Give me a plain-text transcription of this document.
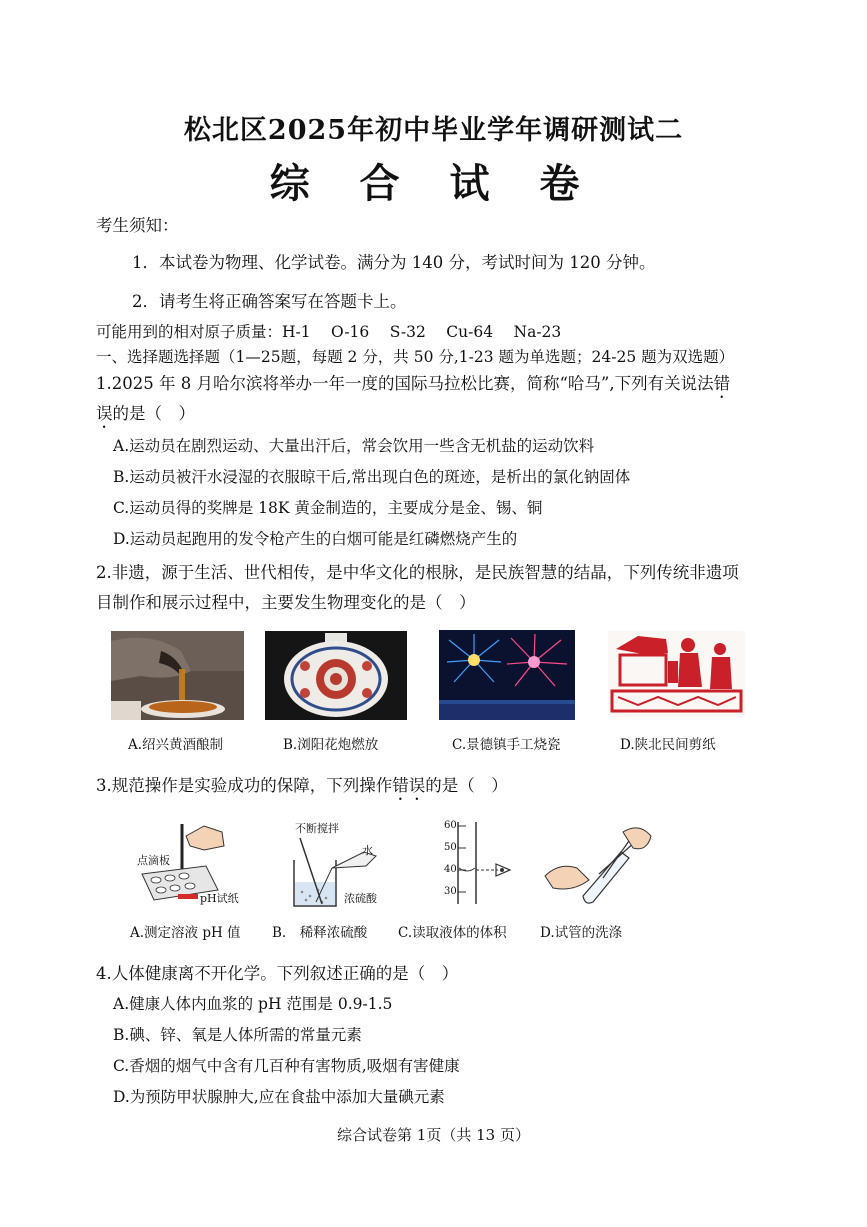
松北区2025年初中毕业学年调研测试二
综 合 试 卷
考生须知：
1．本试卷为物理、化学试卷。满分为 140 分，考试时间为 120 分钟。
2．请考生将正确答案写在答题卡上。
可能用到的相对原子质量：H-1　 O-16　 S-32　 Cu-64　 Na-23
一、选择题选择题（1—25题，每题 2 分，共 50 分,1-23 题为单选题；24-25 题为双选题）
1.2025 年 8 月哈尔滨将举办一年一度的国际马拉松比赛，简称“哈马”,下列有关说法错
误的是（　）
A.运动员在剧烈运动、大量出汗后，常会饮用一些含无机盐的运动饮料
B.运动员被汗水浸湿的衣服晾干后,常出现白色的斑迹，是析出的氯化钠固体
C.运动员得的奖牌是 18K 黄金制造的，主要成分是金、锡、铜
D.运动员起跑用的发令枪产生的白烟可能是红磷燃烧产生的
2.非遗，源于生活、世代相传，是中华文化的根脉，是民族智慧的结晶，下列传统非遗项
目制作和展示过程中，主要发生物理变化的是（　）
A.绍兴黄酒酿制	B.浏阳花炮燃放	C.景德镇手工烧瓷	D.陕北民间剪纸
3.规范操作是实验成功的保障，下列操作错误的是（　）
点滴板
pH试纸
不断搅拌
水
浓硫酸
60
50
40
30
A.测定溶液 pH 值 B.　稀释浓硫酸 C.读取液体的体积 D.试管的洗涤
4.人体健康离不开化学。下列叙述正确的是（　）
A.健康人体内血浆的 pH 范围是 0.9-1.5
B.碘、锌、氧是人体所需的常量元素
C.香烟的烟气中含有几百种有害物质,吸烟有害健康
D.为预防甲状腺肿大,应在食盐中添加大量碘元素
综合试卷第 1页（共 13 页）
